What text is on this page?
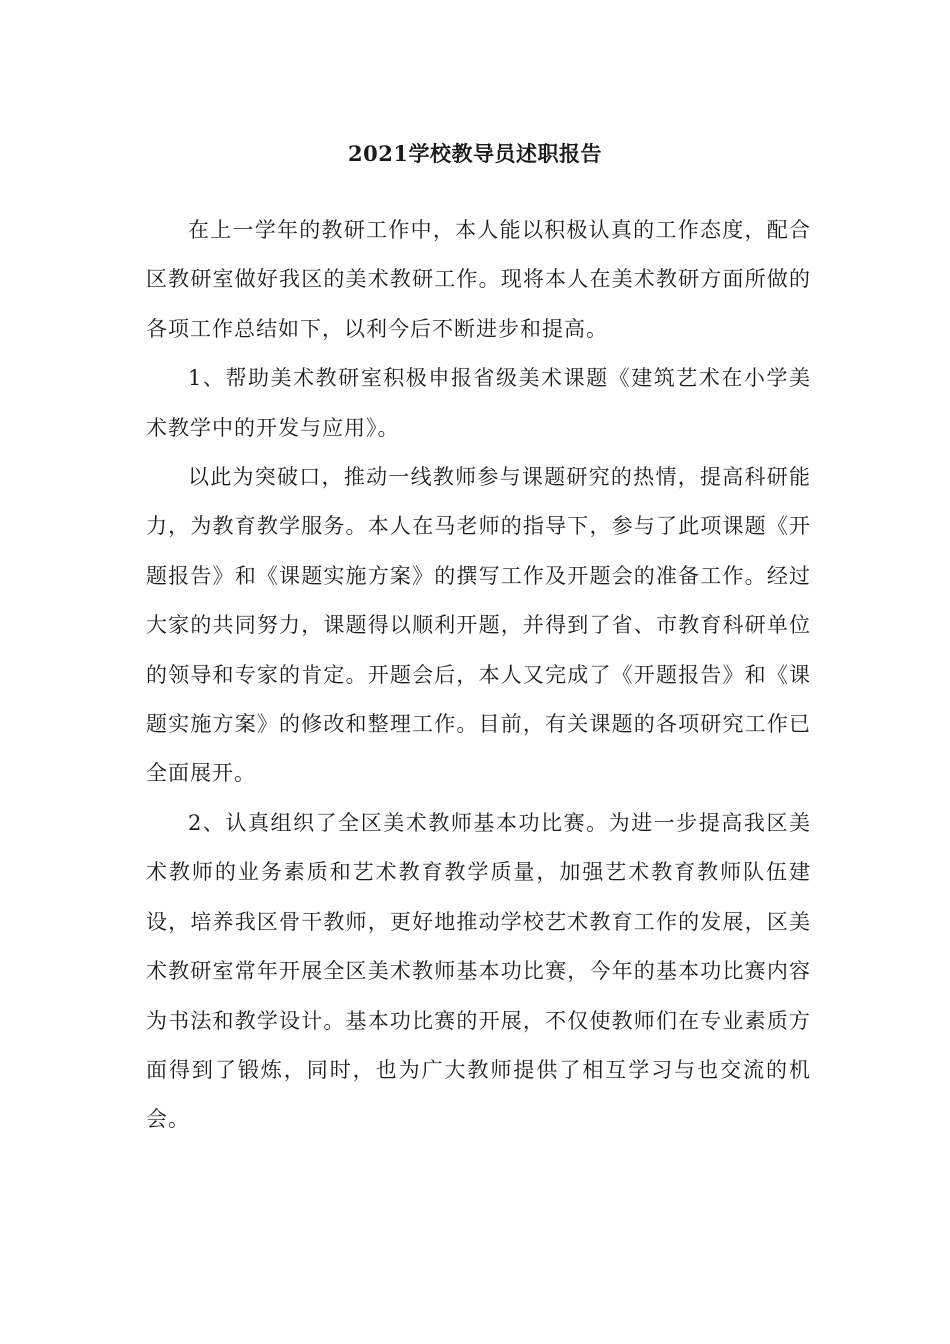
2021学校教导员述职报告

在上一学年的教研工作中，本人能以积极认真的工作态度，配合区教研室做好我区的美术教研工作。现将本人在美术教研方面所做的各项工作总结如下，以利今后不断进步和提高。

1、帮助美术教研室积极申报省级美术课题《建筑艺术在小学美术教学中的开发与应用》。

以此为突破口，推动一线教师参与课题研究的热情，提高科研能力，为教育教学服务。本人在马老师的指导下，参与了此项课题《开题报告》和《课题实施方案》的撰写工作及开题会的准备工作。经过大家的共同努力，课题得以顺利开题，并得到了省、市教育科研单位的领导和专家的肯定。开题会后，本人又完成了《开题报告》和《课题实施方案》的修改和整理工作。目前，有关课题的各项研究工作已全面展开。

2、认真组织了全区美术教师基本功比赛。为进一步提高我区美术教师的业务素质和艺术教育教学质量，加强艺术教育教师队伍建设，培养我区骨干教师，更好地推动学校艺术教育工作的发展，区美术教研室常年开展全区美术教师基本功比赛，今年的基本功比赛内容为书法和教学设计。基本功比赛的开展，不仅使教师们在专业素质方面得到了锻炼，同时，也为广大教师提供了相互学习与也交流的机会。
